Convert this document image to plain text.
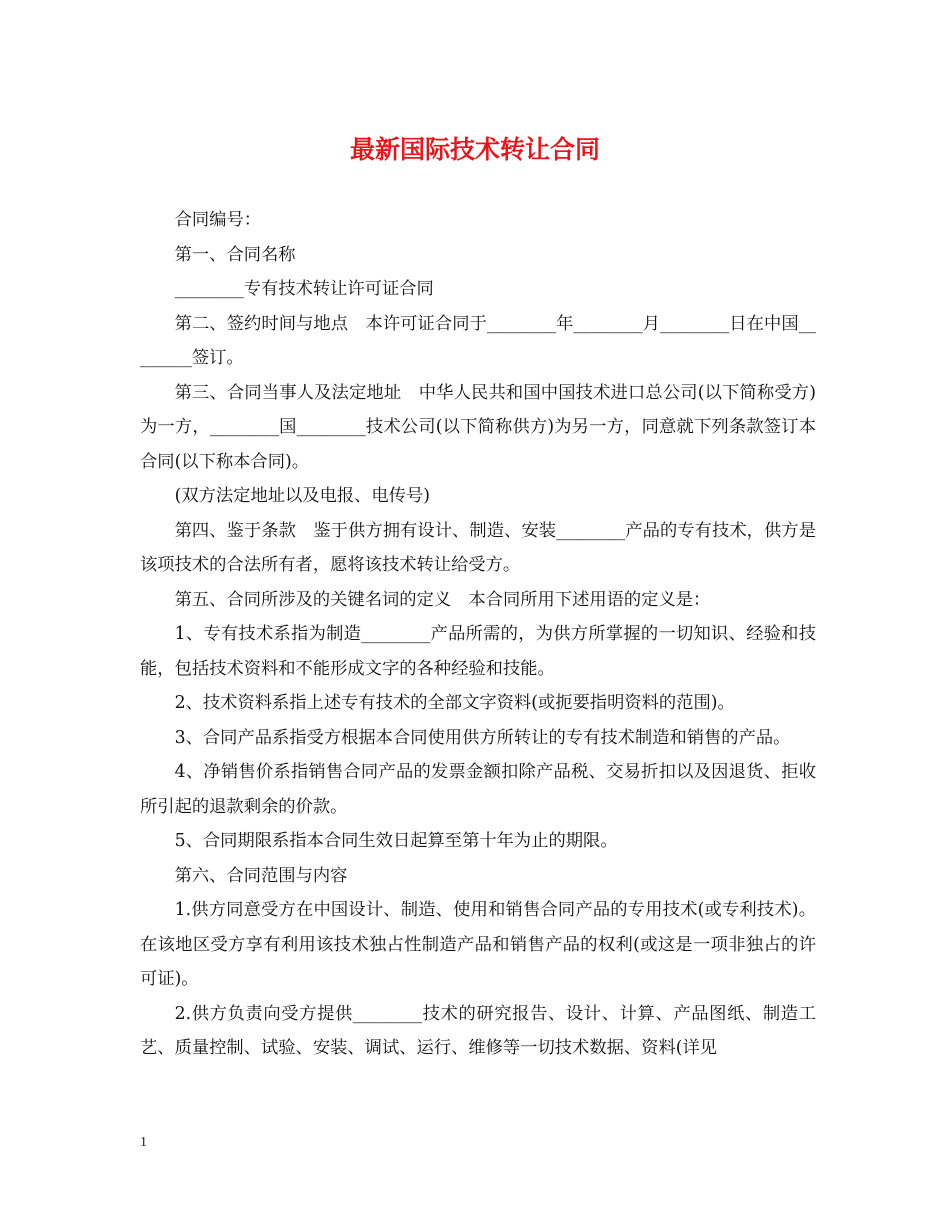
最新国际技术转让合同

合同编号：

第一、合同名称

________专有技术转让许可证合同

第二、签约时间与地点　本许可证合同于________年________月________日在中国________签订。

第三、合同当事人及法定地址　中华人民共和国中国技术进口总公司(以下简称受方)为一方，________国________技术公司(以下简称供方)为另一方，同意就下列条款签订本合同(以下称本合同)。

(双方法定地址以及电报、电传号)

第四、鉴于条款　鉴于供方拥有设计、制造、安装________产品的专有技术，供方是该项技术的合法所有者，愿将该技术转让给受方。

第五、合同所涉及的关键名词的定义　本合同所用下述用语的定义是：

1、专有技术系指为制造________产品所需的，为供方所掌握的一切知识、经验和技能，包括技术资料和不能形成文字的各种经验和技能。

2、技术资料系指上述专有技术的全部文字资料(或扼要指明资料的范围)。

3、合同产品系指受方根据本合同使用供方所转让的专有技术制造和销售的产品。

4、净销售价系指销售合同产品的发票金额扣除产品税、交易折扣以及因退货、拒收所引起的退款剩余的价款。

5、合同期限系指本合同生效日起算至第十年为止的期限。

第六、合同范围与内容

1.供方同意受方在中国设计、制造、使用和销售合同产品的专用技术(或专利技术)。在该地区受方享有利用该技术独占性制造产品和销售产品的权利(或这是一项非独占的许可证)。

2.供方负责向受方提供________技术的研究报告、设计、计算、产品图纸、制造工艺、质量控制、试验、安装、调试、运行、维修等一切技术数据、资料(详见

1
